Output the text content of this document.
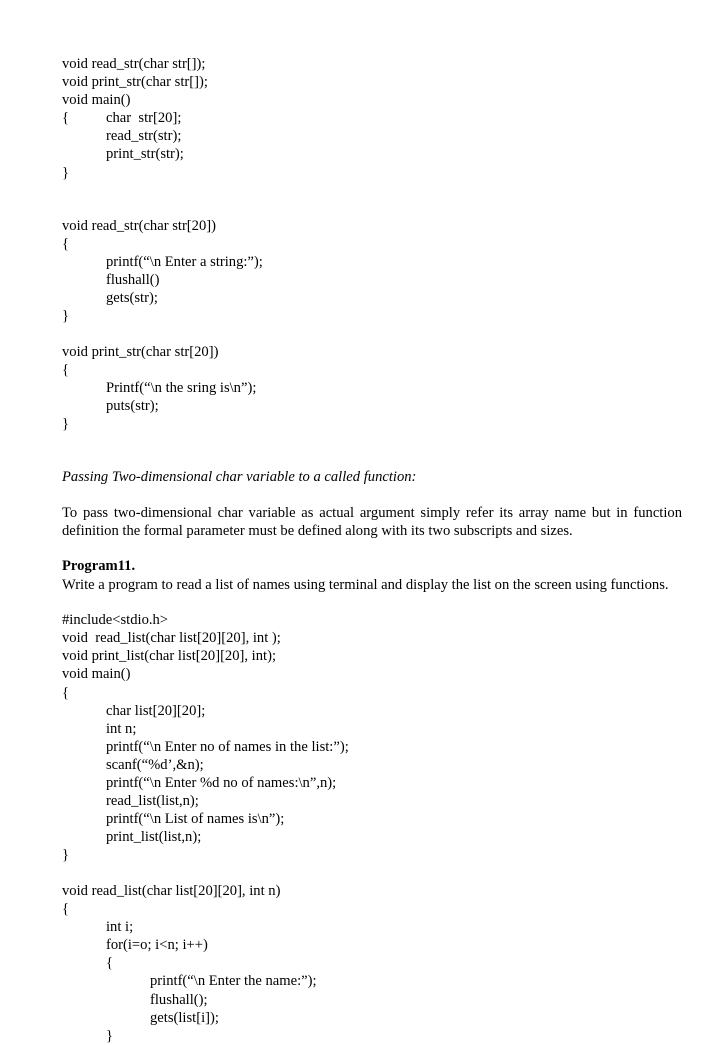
void read_str(char str[]);
void print_str(char str[]);
void main()
{	char  str[20];
read_str(str);
print_str(str);
}
void read_str(char str[20])
{
printf(“\n Enter a string:”);
flushall()
gets(str);
}
void print_str(char str[20])
{
Printf(“\n the sring is\n”);
puts(str);
}
Passing Two-dimensional char variable to a called function:
To pass two-dimensional char variable as actual argument simply refer its array name but in function definition the formal parameter must be defined along with its two subscripts and sizes.
Program11.
Write a program to read a list of names using terminal and display the list on the screen using functions.
#include<stdio.h>
void  read_list(char list[20][20], int );
void print_list(char list[20][20], int);
void main()
{
char list[20][20];
int n;
printf(“\n Enter no of names in the list:”);
scanf(“%d’,&n);
printf(“\n Enter %d no of names:\n”,n);
read_list(list,n);
printf(“\n List of names is\n”);
print_list(list,n);
}
void read_list(char list[20][20], int n)
{
int i;
for(i=o; i<n; i++)
{
printf(“\n Enter the name:”);
flushall();
gets(list[i]);
}
